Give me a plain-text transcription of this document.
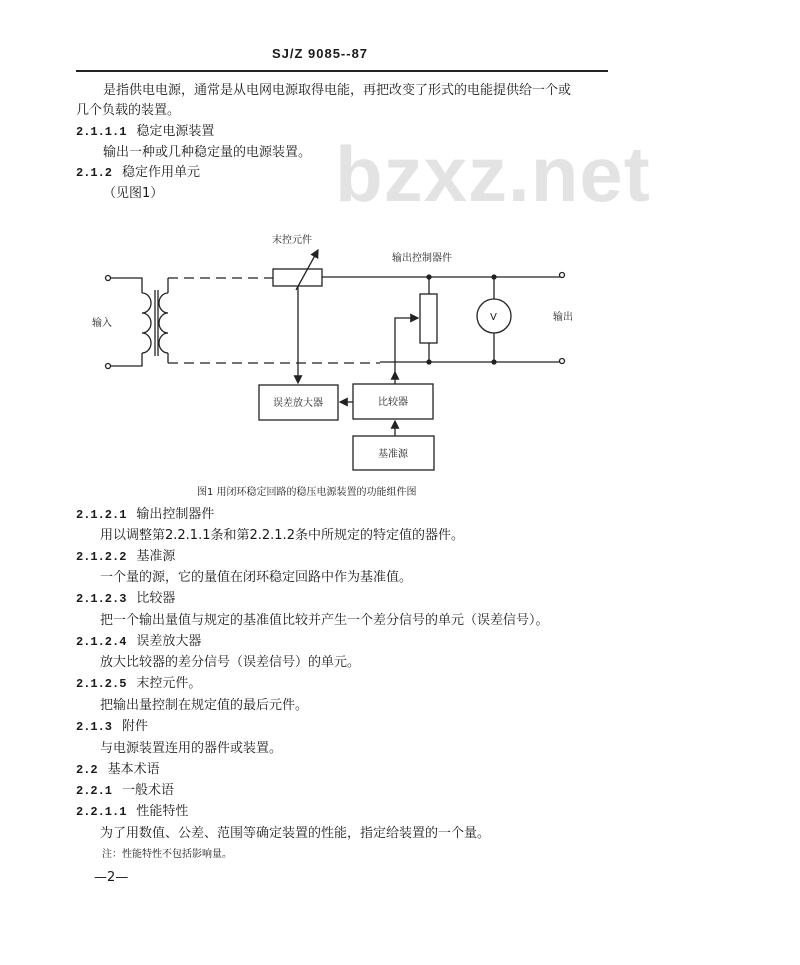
bzxz.net
SJ/Z 9085--87
是指供电电源，通常是从电网电源取得电能，再把改变了形式的电能提供给一个或
几个负载的装置。
2.1.1.1 稳定电源装置
输出一种或几种稳定量的电源装置。
2.1.2 稳定作用单元
（见图1）
末控元件
输出控制器件
输入
输出
V
误差放大器	比较器
基准源
图1 用闭环稳定回路的稳压电源装置的功能组件图
2.1.2.1 输出控制器件
用以调整第2.2.1.1条和第2.2.1.2条中所规定的特定值的器件。
2.1.2.2 基准源
一个量的源，它的量值在闭环稳定回路中作为基准值。
2.1.2.3 比较器
把一个输出量值与规定的基准值比较并产生一个差分信号的单元（误差信号）。
2.1.2.4 误差放大器
放大比较器的差分信号（误差信号）的单元。
2.1.2.5 末控元件。
把输出量控制在规定值的最后元件。
2.1.3 附件
与电源装置连用的器件或装置。
2.2 基本术语
2.2.1 一般术语
2.2.1.1 性能特性
为了用数值、公差、范围等确定装置的性能，指定给装置的一个量。
注：性能特性不包括影响量。
—2—
